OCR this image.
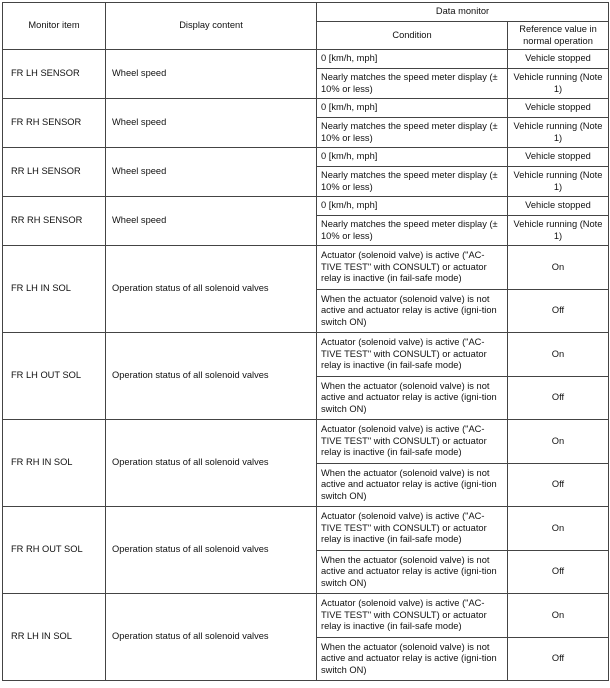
Monitor item	Display content	Data monitor	
		Condition	Reference value in normal operation
FR LH SENSOR	Wheel speed	0 [km/h, mph]	Vehicle stopped
		Nearly matches the speed meter display (± 10% or less)	Vehicle running (Note 1)
FR RH SENSOR	Wheel speed	0 [km/h, mph]	Vehicle stopped
		Nearly matches the speed meter display (± 10% or less)	Vehicle running (Note 1)
RR LH SENSOR	Wheel speed	0 [km/h, mph]	Vehicle stopped
		Nearly matches the speed meter display (± 10% or less)	Vehicle running (Note 1)
RR RH SENSOR	Wheel speed	0 [km/h, mph]	Vehicle stopped
		Nearly matches the speed meter display (± 10% or less)	Vehicle running (Note 1)
FR LH IN SOL	Operation status of all solenoid valves	Actuator (solenoid valve) is active ("AC-TIVE TEST" with CONSULT) or actuator relay is inactive (in fail-safe mode)	On
		When the actuator (solenoid valve) is not active and actuator relay is active (igni-tion switch ON)	Off
FR LH OUT SOL	Operation status of all solenoid valves	Actuator (solenoid valve) is active ("AC-TIVE TEST" with CONSULT) or actuator relay is inactive (in fail-safe mode)	On
		When the actuator (solenoid valve) is not active and actuator relay is active (igni-tion switch ON)	Off
FR RH IN SOL	Operation status of all solenoid valves	Actuator (solenoid valve) is active ("AC-TIVE TEST" with CONSULT) or actuator relay is inactive (in fail-safe mode)	On
		When the actuator (solenoid valve) is not active and actuator relay is active (igni-tion switch ON)	Off
FR RH OUT SOL	Operation status of all solenoid valves	Actuator (solenoid valve) is active ("AC-TIVE TEST" with CONSULT) or actuator relay is inactive (in fail-safe mode)	On
		When the actuator (solenoid valve) is not active and actuator relay is active (igni-tion switch ON)	Off
RR LH IN SOL	Operation status of all solenoid valves	Actuator (solenoid valve) is active ("AC-TIVE TEST" with CONSULT) or actuator relay is inactive (in fail-safe mode)	On
		When the actuator (solenoid valve) is not active and actuator relay is active (igni-tion switch ON)	Off
